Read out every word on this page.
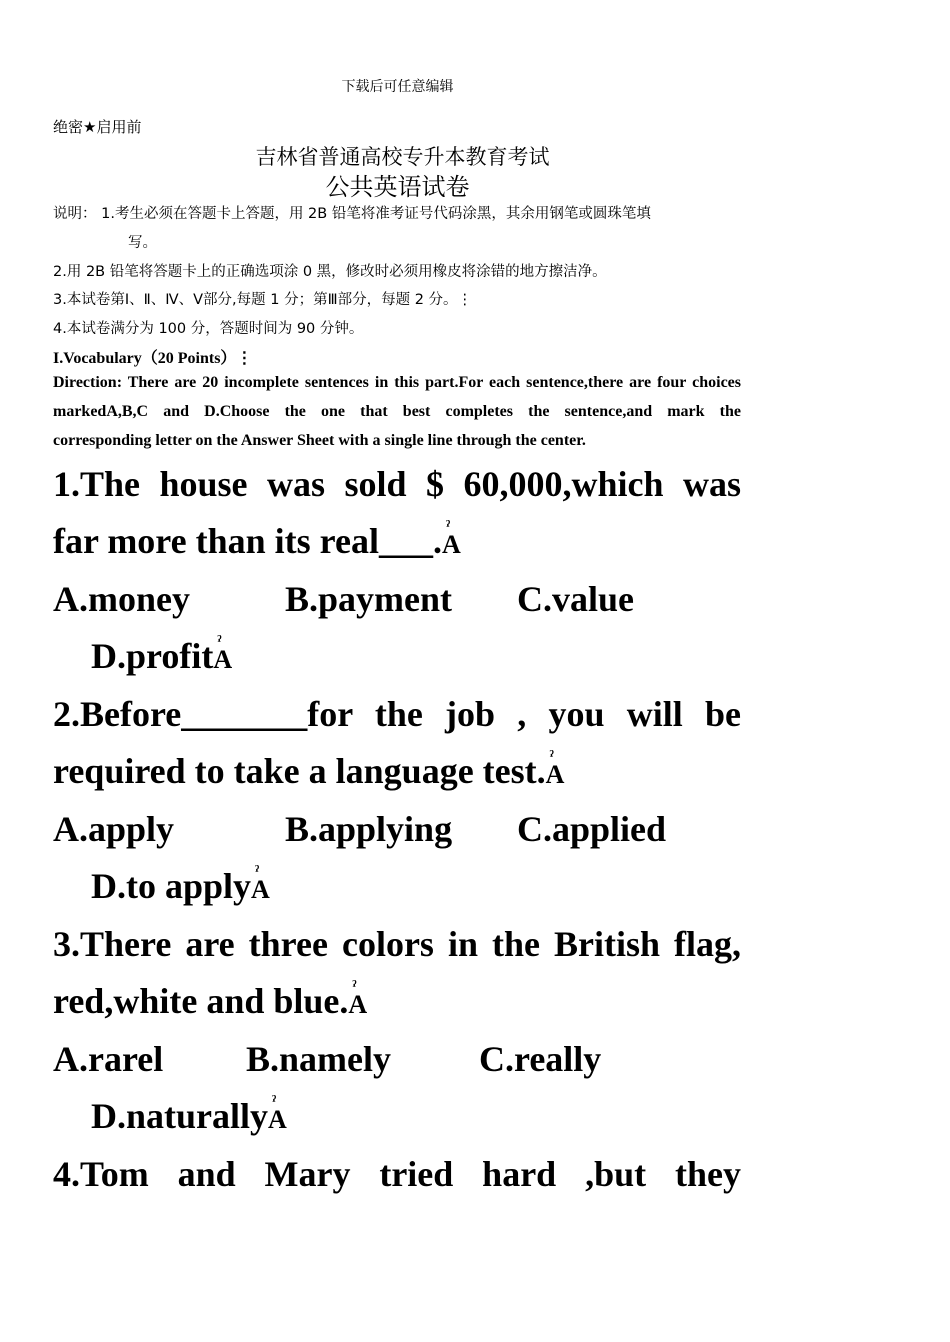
下载后可任意编辑
绝密★启用前
吉林省普通高校专升本教育考试
公共英语试卷
说明： 1.考生必须在答题卡上答题，用 2B 铅笔将准考证号代码涂黑，其余用钢笔或圆珠笔填
写。
2.用 2B 铅笔将答题卡上的正确选项涂 0 黑，修改时必须用橡皮将涂错的地方擦洁净。
3.本试卷第Ⅰ、Ⅱ、Ⅳ、Ⅴ部分,每题 1 分；第Ⅲ部分，每题 2 分。⋮
4.本试卷满分为 100 分，答题时间为 90 分钟。
I.Vocabulary（20 Points）⋮
Direction: There are 20 incomplete sentences in this part.For each sentence,there are four choices
markedA,B,C and D.Choose the one that best completes the sentence,and mark the
corresponding letter on the Answer Sheet with a single line through the center.
1.The house was sold $ 60,000,which was
far more than its real___. ˀ
A
A.money	B.payment C.value
D.profit ˀ
A
2.Before_______for the job , you will be
required to take a language test. ˀ
A
A.apply	B.applying C.applied
D.to apply ˀ
A
3.There are three colors in the British flag,
red,white and blue. ˀ
A
A.rarel B.namely C.really
D.naturally ˀ
A
4.Tom and Mary tried hard ,but they
